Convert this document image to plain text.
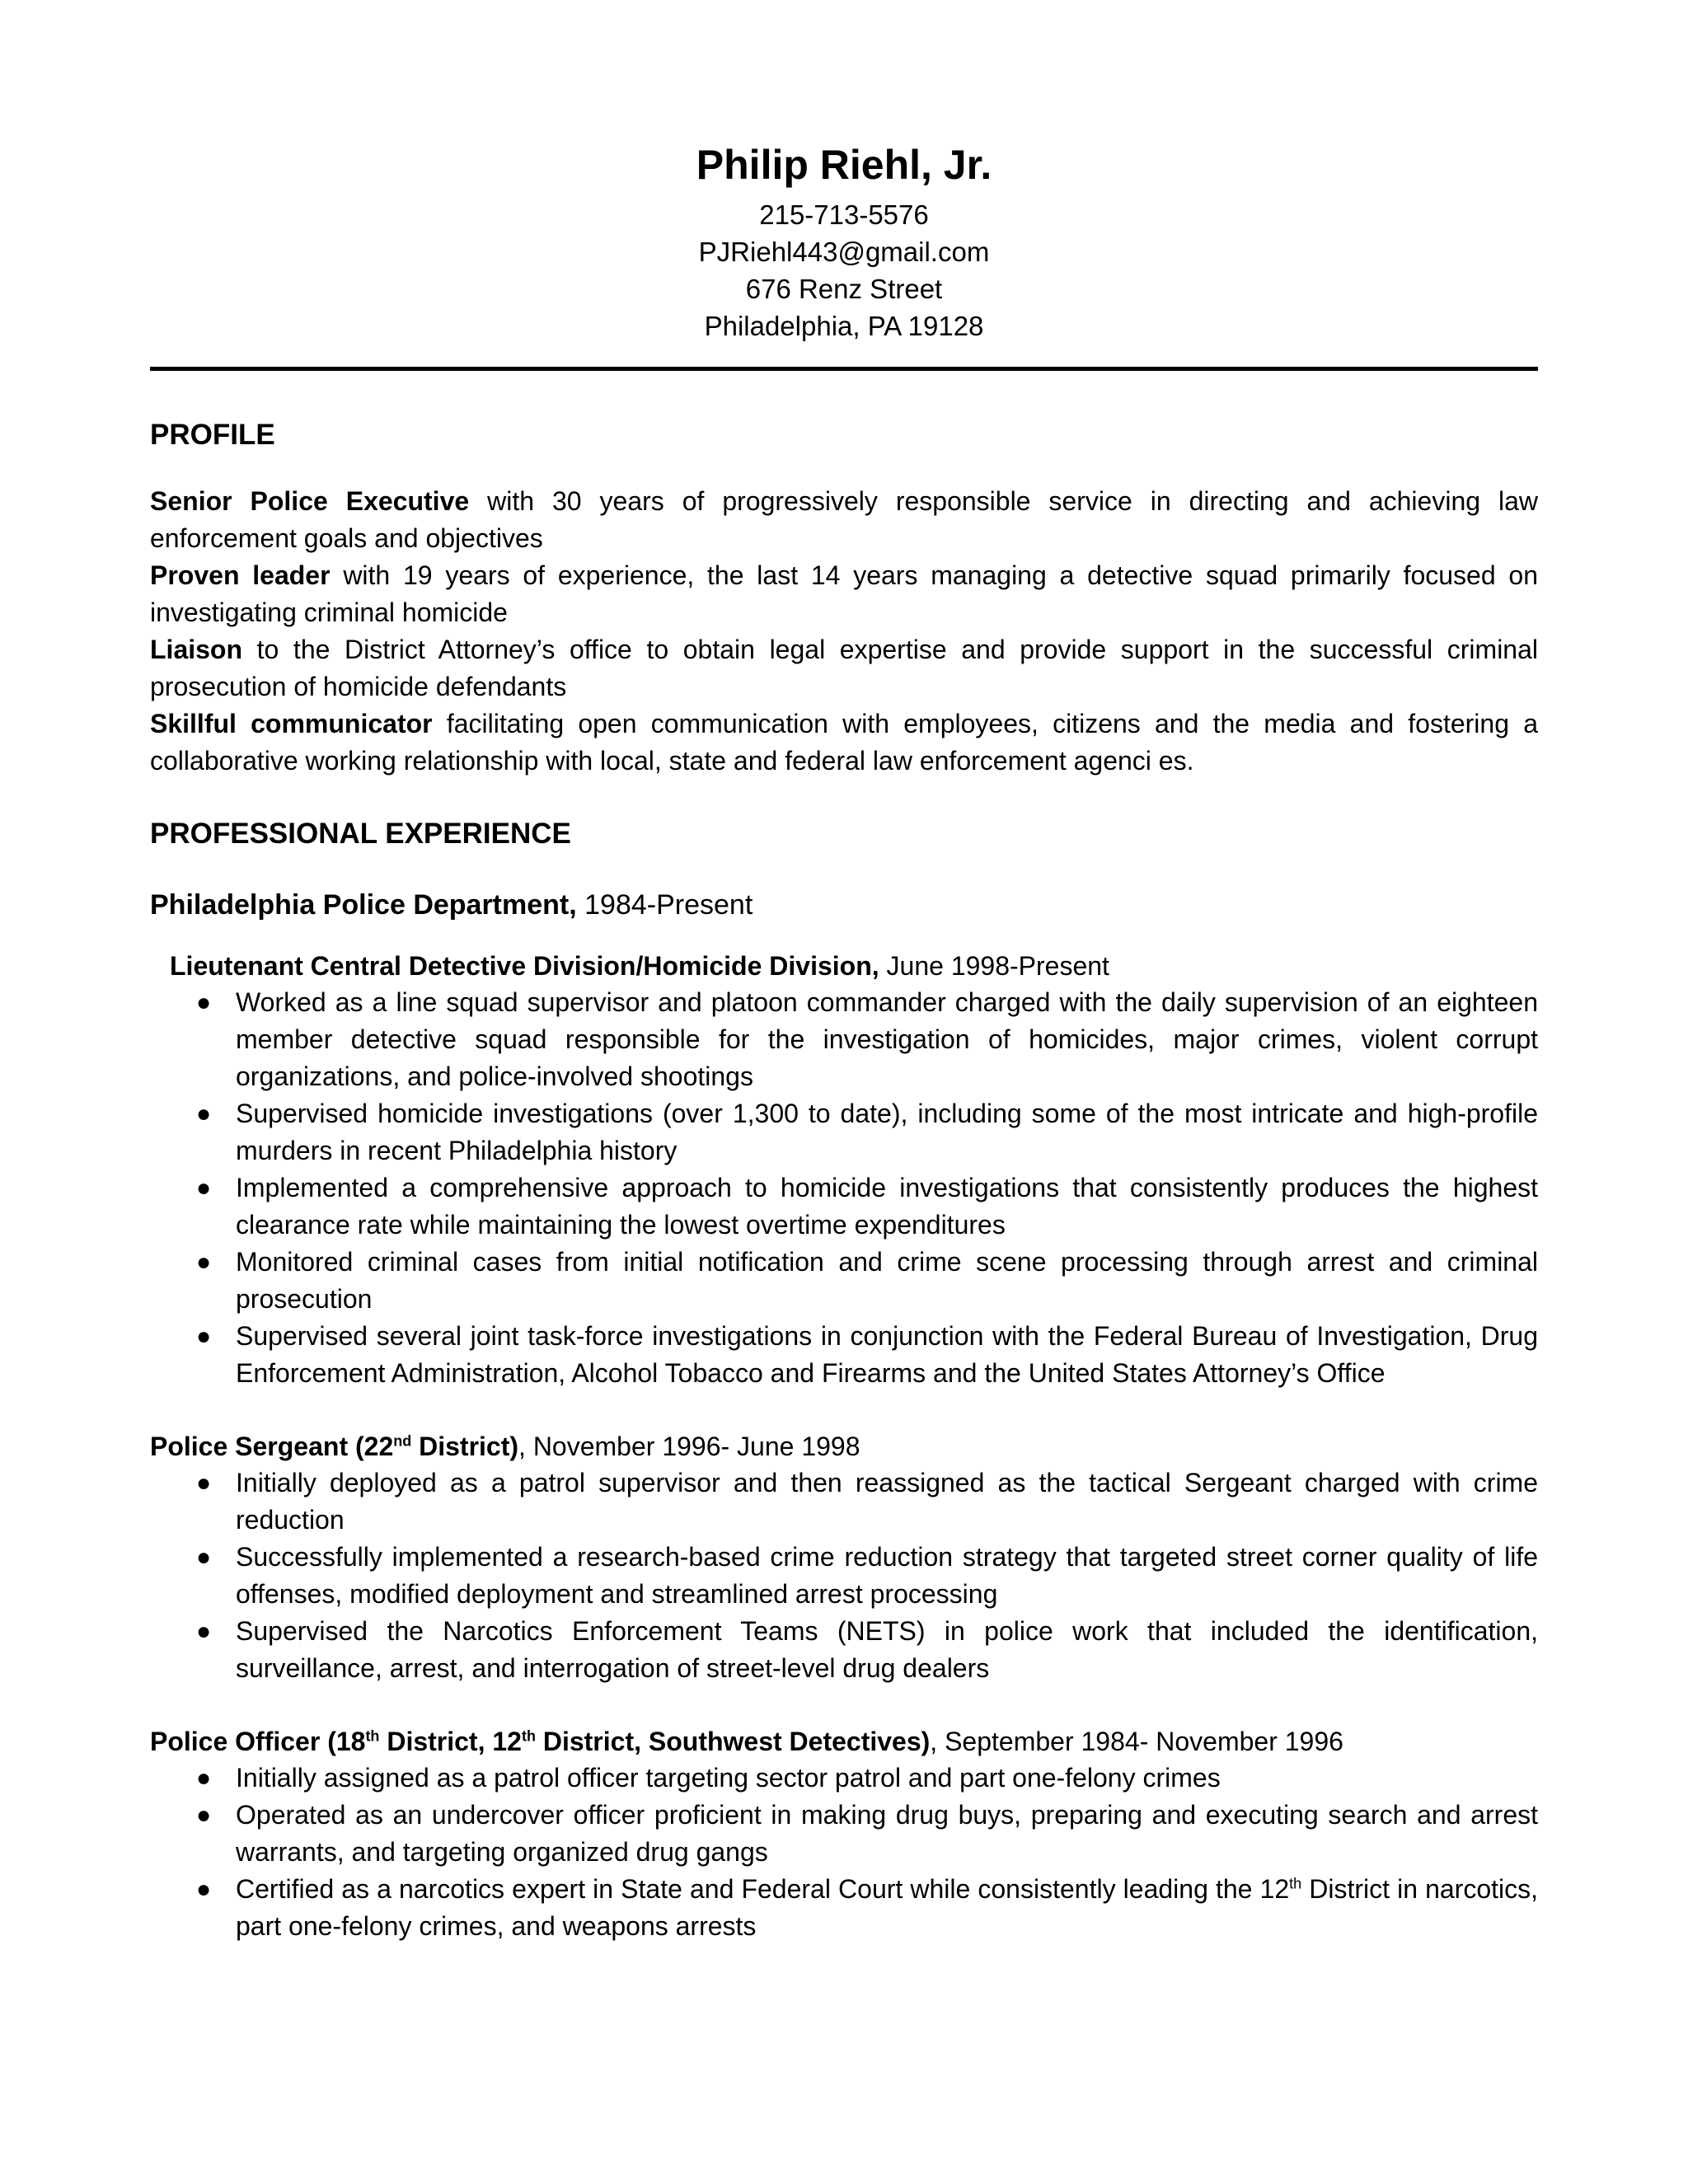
Philip Riehl, Jr.
215-713-5576
PJRiehl443@gmail.com
676 Renz Street
Philadelphia, PA 19128
PROFILE
Senior Police Executive with 30 years of progressively responsible service in directing and achieving law enforcement goals and objectives
Proven leader with 19 years of experience, the last 14 years managing a detective squad primarily focused on investigating criminal homicide
Liaison to the District Attorney’s office to obtain legal expertise and provide support in the successful criminal prosecution of homicide defendants
Skillful communicator facilitating open communication with employees, citizens and the media and fostering a collaborative working relationship with local, state and federal law enforcement agenci es.
PROFESSIONAL EXPERIENCE
Philadelphia Police Department, 1984-Present
Lieutenant Central Detective Division/Homicide Division, June 1998-Present
● Worked as a line squad supervisor and platoon commander charged with the daily supervision of an eighteen member detective squad responsible for the investigation of homicides, major crimes, violent corrupt organizations, and police-involved shootings
● Supervised homicide investigations (over 1,300 to date), including some of the most intricate and high-profile murders in recent Philadelphia history
● Implemented a comprehensive approach to homicide investigations that consistently produces the highest clearance rate while maintaining the lowest overtime expenditures
● Monitored criminal cases from initial notification and crime scene processing through arrest and criminal prosecution
● Supervised several joint task-force investigations in conjunction with the Federal Bureau of Investigation, Drug Enforcement Administration, Alcohol Tobacco and Firearms and the United States Attorney’s Office
Police Sergeant (22nd District), November 1996- June 1998
● Initially deployed as a patrol supervisor and then reassigned as the tactical Sergeant charged with crime reduction
● Successfully implemented a research-based crime reduction strategy that targeted street corner quality of life offenses, modified deployment and streamlined arrest processing
● Supervised the Narcotics Enforcement Teams (NETS) in police work that included the identification, surveillance, arrest, and interrogation of street-level drug dealers
Police Officer (18th District, 12th District, Southwest Detectives), September 1984- November 1996
● Initially assigned as a patrol officer targeting sector patrol and part one-felony crimes
● Operated as an undercover officer proficient in making drug buys, preparing and executing search and arrest warrants, and targeting organized drug gangs
● Certified as a narcotics expert in State and Federal Court while consistently leading the 12th District in narcotics, part one-felony crimes, and weapons arrests
